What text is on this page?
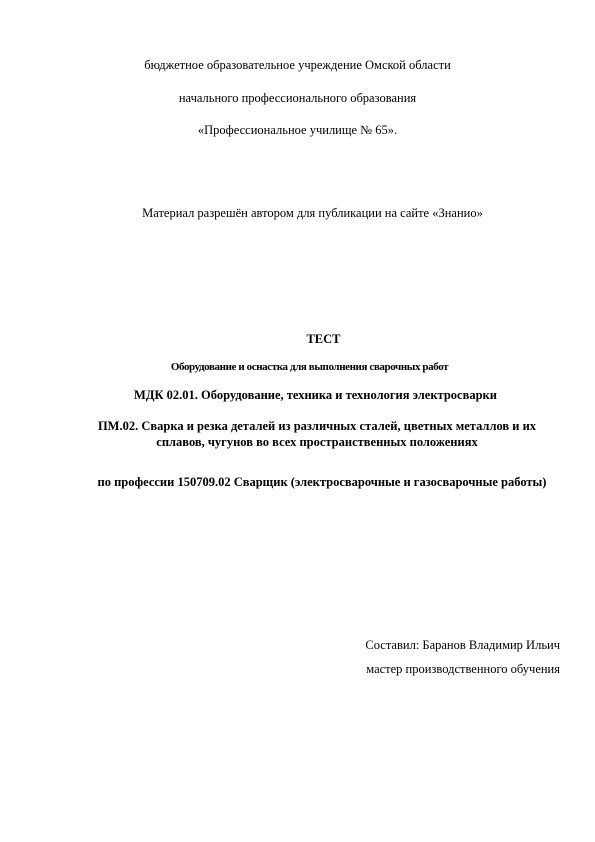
бюджетное образовательное учреждение Омской области
начального профессионального образования
«Профессиональное училище № 65».
Материал разрешён автором для публикации на сайте «Знанио»
ТЕСТ
Оборудование и оснастка для выполнения сварочных работ
МДК 02.01. Оборудование, техника и технология электросварки
ПМ.02. Сварка и резка деталей из различных сталей, цветных металлов и их сплавов, чугунов во всех пространственных положениях
по профессии 150709.02 Сварщик (электросварочные и газосварочные работы)
Составил: Баранов Владимир Ильич
мастер производственного обучения
